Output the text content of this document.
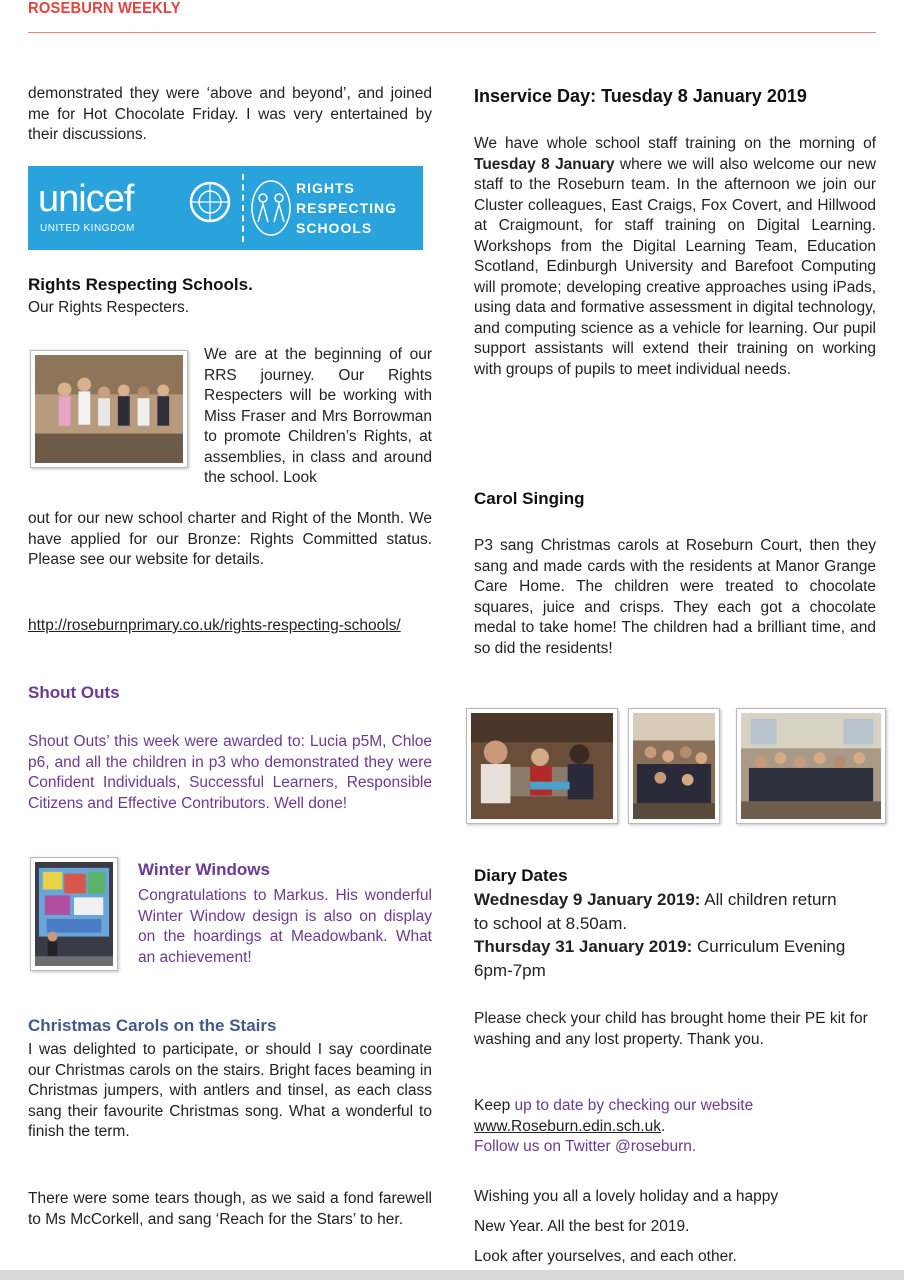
ROSEBURN WEEKLY

demonstrated they were ‘above and beyond’, and joined me for Hot Chocolate Friday. I was very entertained by their discussions.

unicef
UNITED KINGDOM
RIGHTS
RESPECTING
SCHOOLS
Rights Respecting Schools.
Our Rights Respecters.

We are at the beginning of our RRS journey. Our Rights Respecters will be working with Miss Fraser and Mrs Borrowman to promote Children’s Rights, at assemblies, in class and around the school. Look

out for our new school charter and Right of the Month. We have applied for our Bronze: Rights Committed status. Please see our website for details.

http://roseburnprimary.co.uk/rights-respecting-schools/
Shout Outs

Shout Outs’ this week were awarded to: Lucia p5M, Chloe p6, and all the children in p3 who demonstrated they were Confident Individuals, Successful Learners, Responsible Citizens and Effective Contributors. Well done!

Winter Windows

Congratulations to Markus. His wonderful Winter Window design is also on display on the hoardings at Meadowbank. What an achievement!

Christmas Carols on the Stairs

I was delighted to participate, or should I say coordinate our Christmas carols on the stairs. Bright faces beaming in Christmas jumpers, with antlers and tinsel, as each class sang their favourite Christmas song. What a wonderful to finish the term.

There were some tears though, as we said a fond farewell to Ms McCorkell, and sang ‘Reach for the Stars’ to her.

Inservice Day: Tuesday 8 January 2019

We have whole school staff training on the morning of Tuesday 8 January where we will also welcome our new staff to the Roseburn team. In the afternoon we join our Cluster colleagues, East Craigs, Fox Covert, and Hillwood at Craigmount, for staff training on Digital Learning. Workshops from the Digital Learning Team, Education Scotland, Edinburgh University and Barefoot Computing will promote; developing creative approaches using iPads, using data and formative assessment in digital technology, and computing science as a vehicle for learning. Our pupil support assistants will extend their training on working with groups of pupils to meet individual needs.

Carol Singing

P3 sang Christmas carols at Roseburn Court, then they sang and made cards with the residents at Manor Grange Care Home. The children were treated to chocolate squares, juice and crisps. They each got a chocolate medal to take home! The children had a brilliant time, and so did the residents!

Diary Dates
Wednesday 9 January 2019: All children return to school at 8.50am.
Thursday 31 January 2019: Curriculum Evening 6pm-7pm

Please check your child has brought home their PE kit for washing and any lost property. Thank you.

Keep up to date by checking our website
www.Roseburn.edin.sch.uk.
Follow us on Twitter @roseburn.
Wishing you all a lovely holiday and a happy
New Year. All the best for 2019.
Look after yourselves, and each other.
